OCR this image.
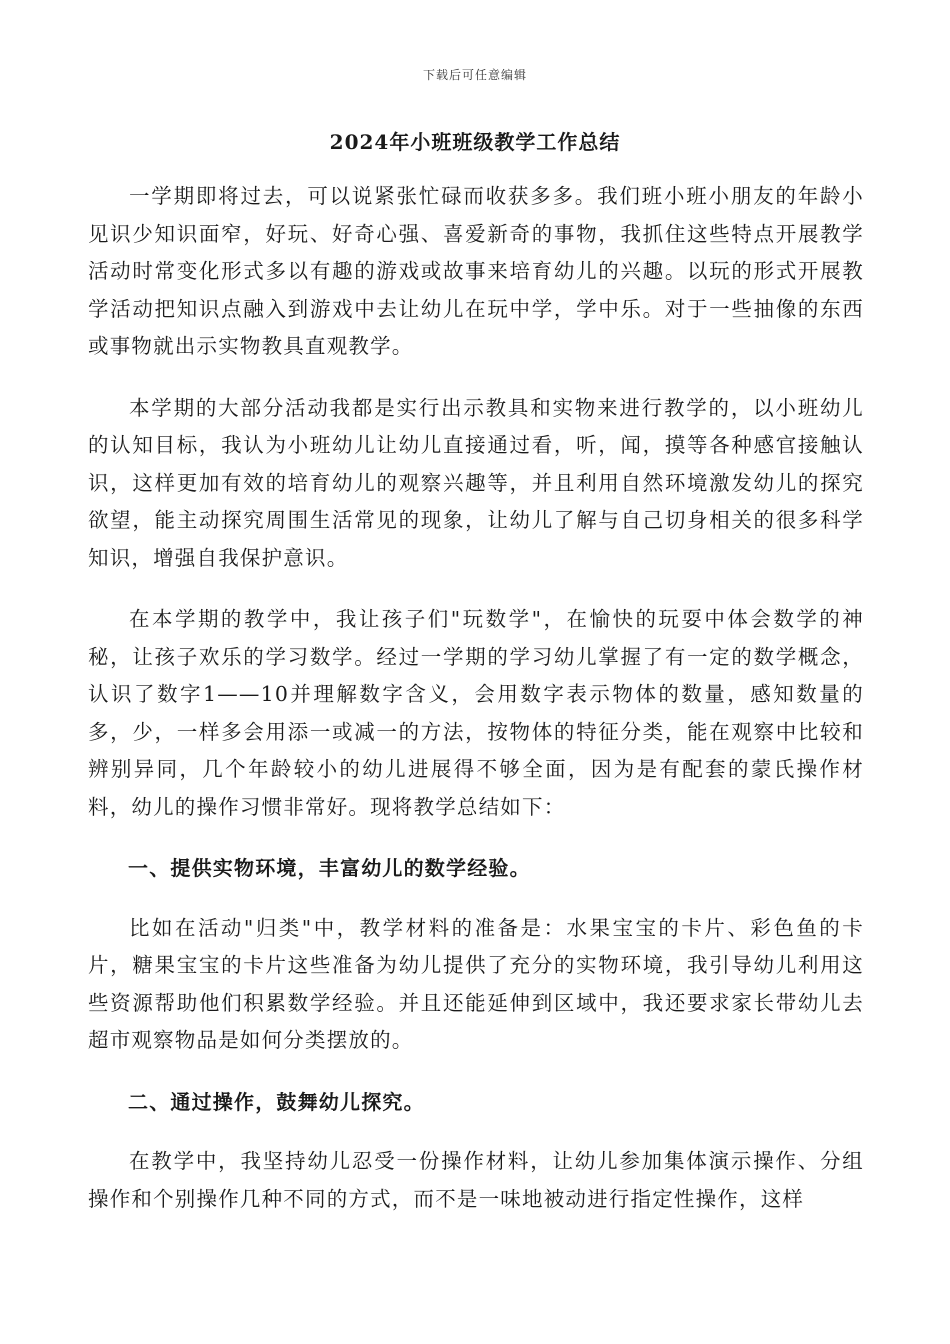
下载后可任意编辑
2024年小班班级教学工作总结

一学期即将过去，可以说紧张忙碌而收获多多。我们班小班小朋友的年龄小见识少知识面窄，好玩、好奇心强、喜爱新奇的事物，我抓住这些特点开展教学活动时常变化形式多以有趣的游戏或故事来培育幼儿的兴趣。以玩的形式开展教学活动把知识点融入到游戏中去让幼儿在玩中学，学中乐。对于一些抽像的东西或事物就出示实物教具直观教学。

本学期的大部分活动我都是实行出示教具和实物来进行教学的，以小班幼儿的认知目标，我认为小班幼儿让幼儿直接通过看，听，闻，摸等各种感官接触认识，这样更加有效的培育幼儿的观察兴趣等，并且利用自然环境激发幼儿的探究欲望，能主动探究周围生活常见的现象，让幼儿了解与自己切身相关的很多科学知识，增强自我保护意识。

在本学期的教学中，我让孩子们"玩数学"，在愉快的玩耍中体会数学的神秘，让孩子欢乐的学习数学。经过一学期的学习幼儿掌握了有一定的数学概念，认识了数字1——10并理解数字含义，会用数字表示物体的数量，感知数量的多，少，一样多会用添一或减一的方法，按物体的特征分类，能在观察中比较和辨别异同，几个年龄较小的幼儿进展得不够全面，因为是有配套的蒙氏操作材料，幼儿的操作习惯非常好。现将教学总结如下：

一、提供实物环境，丰富幼儿的数学经验。

比如在活动"归类"中，教学材料的准备是：水果宝宝的卡片、彩色鱼的卡片，糖果宝宝的卡片这些准备为幼儿提供了充分的实物环境，我引导幼儿利用这些资源帮助他们积累数学经验。并且还能延伸到区域中，我还要求家长带幼儿去超市观察物品是如何分类摆放的。

二、通过操作，鼓舞幼儿探究。

在教学中，我坚持幼儿忍受一份操作材料，让幼儿参加集体演示操作、分组操作和个别操作几种不同的方式，而不是一味地被动进行指定性操作，这样
